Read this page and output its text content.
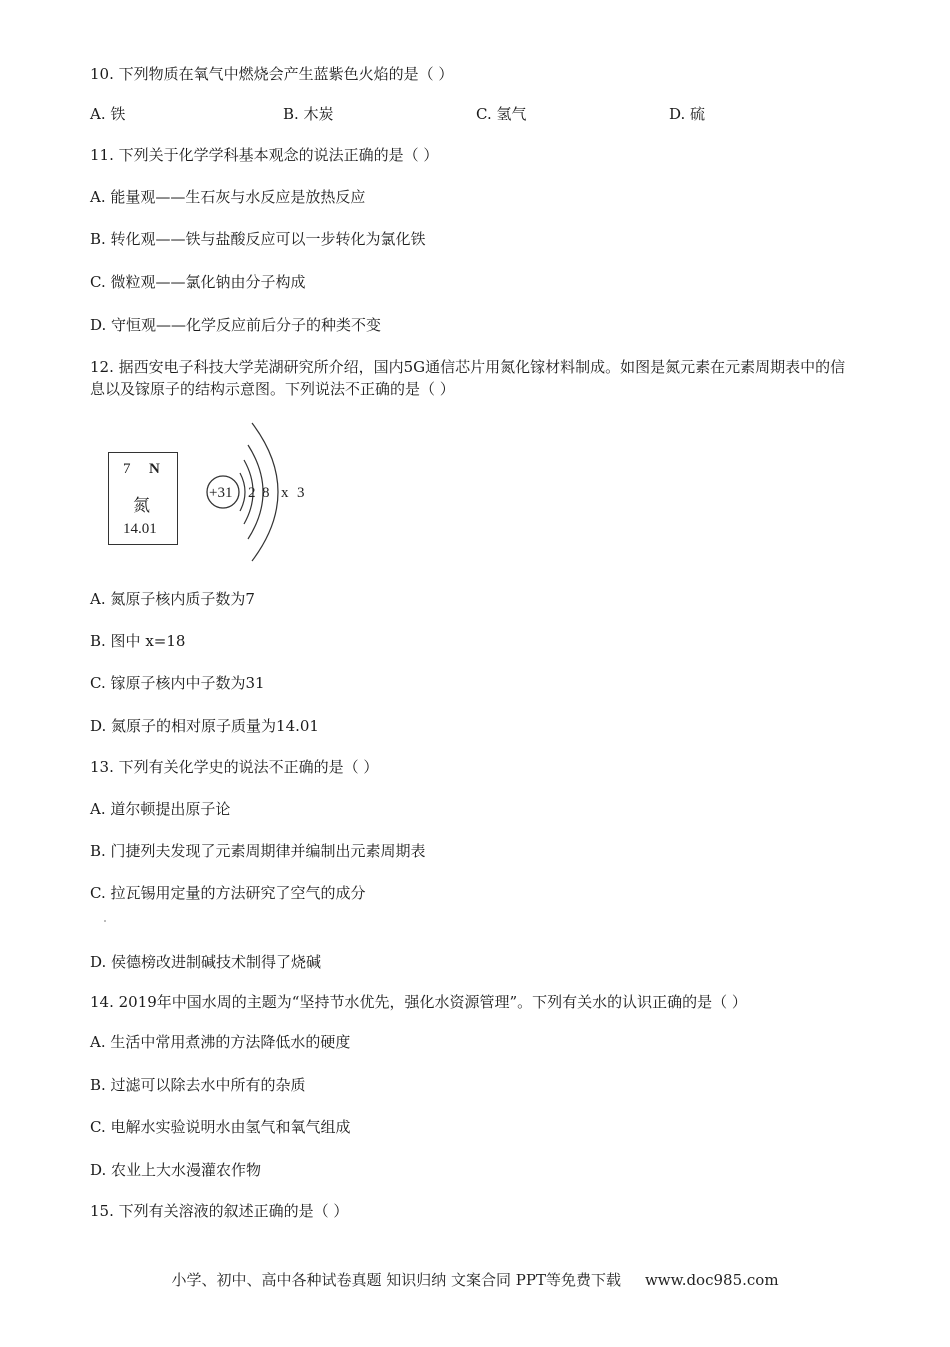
10. 下列物质在氧气中燃烧会产生蓝紫色火焰的是（ ）
A. 铁	B. 木炭	C. 氢气	D. 硫
11. 下列关于化学学科基本观念的说法正确的是（ ）
A. 能量观——生石灰与水反应是放热反应
B. 转化观——铁与盐酸反应可以一步转化为氯化铁
C. 微粒观——氯化钠由分子构成
D. 守恒观——化学反应前后分子的种类不变
12. 据西安电子科技大学芜湖研究所介绍，国内5G通信芯片用氮化镓材料制成。如图是氮元素在元素周期表中的信息以及镓原子的结构示意图。下列说法不正确的是（ ）
7 N
氮
14.01
+31 2 8 x 3
A. 氮原子核内质子数为7
B. 图中 x=18
C. 镓原子核内中子数为31
D. 氮原子的相对原子质量为14.01
13. 下列有关化学史的说法不正确的是（ ）
A. 道尔顿提出原子论
B. 门捷列夫发现了元素周期律并编制出元素周期表
C. 拉瓦锡用定量的方法研究了空气的成分
D. 侯德榜改进制碱技术制得了烧碱
14. 2019年中国水周的主题为“坚持节水优先，强化水资源管理”。下列有关水的认识正确的是（ ）
A. 生活中常用煮沸的方法降低水的硬度
B. 过滤可以除去水中所有的杂质
C. 电解水实验说明水由氢气和氧气组成
D. 农业上大水漫灌农作物
15. 下列有关溶液的叙述正确的是（ ）
小学、初中、高中各种试卷真题 知识归纳 文案合同 PPT等免费下载 www.doc985.com
